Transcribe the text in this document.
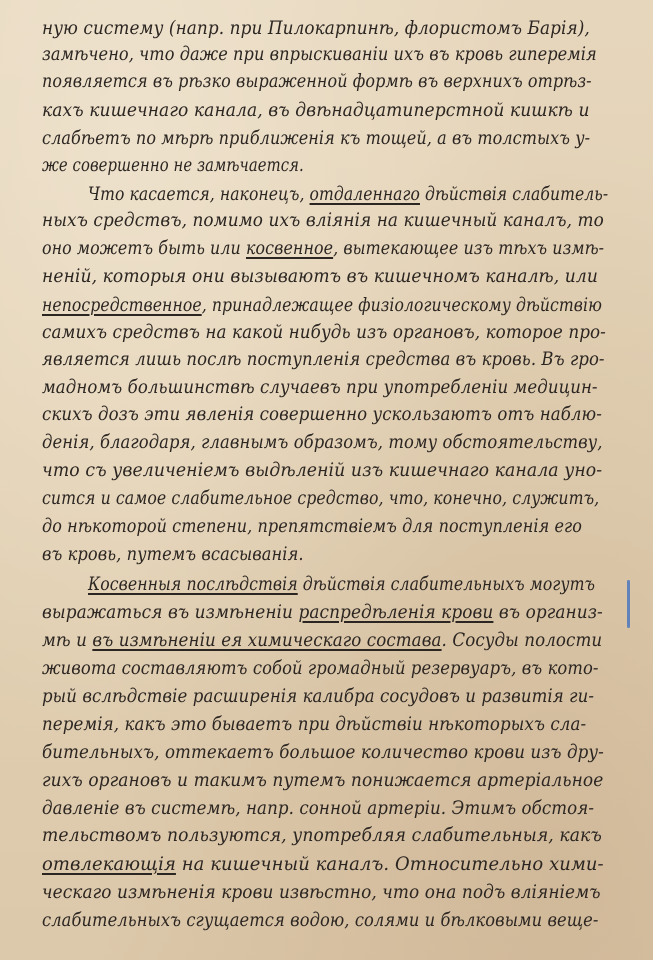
ную систему (напр. при Пилокарпинѣ, флористомъ Барія),
замѣчено, что даже при впрыскиваніи ихъ въ кровь гиперемія
появляется въ рѣзко выраженной формѣ въ верхнихъ отрѣз-
кахъ кишечнаго канала, въ двѣнадцатиперстной кишкѣ и
слабѣетъ по мѣрѣ приближенія къ тощей, а въ толстыхъ у-
же совершенно не замѣчается.
Что касается, наконецъ, отдаленнаго дѣйствія слабитель-
ныхъ средствъ, помимо ихъ вліянія на кишечный каналъ, то
оно можетъ быть или косвенное, вытекающее изъ тѣхъ измѣ-
неній, которыя они вызываютъ въ кишечномъ каналѣ, или
непосредственное, принадлежащее физіологическому дѣйствію
самихъ средствъ на какой нибудь изъ органовъ, которое про-
является лишь послѣ поступленія средства въ кровь. Въ гро-
мадномъ большинствѣ случаевъ при употребленіи медицин-
скихъ дозъ эти явленія совершенно ускользаютъ отъ наблю-
денія, благодаря, главнымъ образомъ, тому обстоятельству,
что съ увеличеніемъ выдѣленій изъ кишечнаго канала уно-
сится и самое слабительное средство, что, конечно, служитъ,
до нѣкоторой степени, препятствіемъ для поступленія его
въ кровь, путемъ всасыванія.
Косвенныя послѣдствія дѣйствія слабительныхъ могутъ
выражаться въ измѣненіи распредѣленія крови въ организ-
мѣ и въ измѣненіи ея химическаго состава. Сосуды полости
живота составляютъ собой громадный резервуаръ, въ кото-
рый вслѣдствіе расширенія калибра сосудовъ и развитія ги-
перемія, какъ это бываетъ при дѣйствіи нѣкоторыхъ сла-
бительныхъ, оттекаетъ большое количество крови изъ дру-
гихъ органовъ и такимъ путемъ понижается артеріальное
давленіе въ системѣ, напр. сонной артеріи. Этимъ обстоя-
тельствомъ пользуются, употребляя слабительныя, какъ
отвлекающія на кишечный каналъ. Относительно хими-
ческаго измѣненія крови извѣстно, что она подъ вліяніемъ
слабительныхъ сгущается водою, солями и бѣлковыми веще-
